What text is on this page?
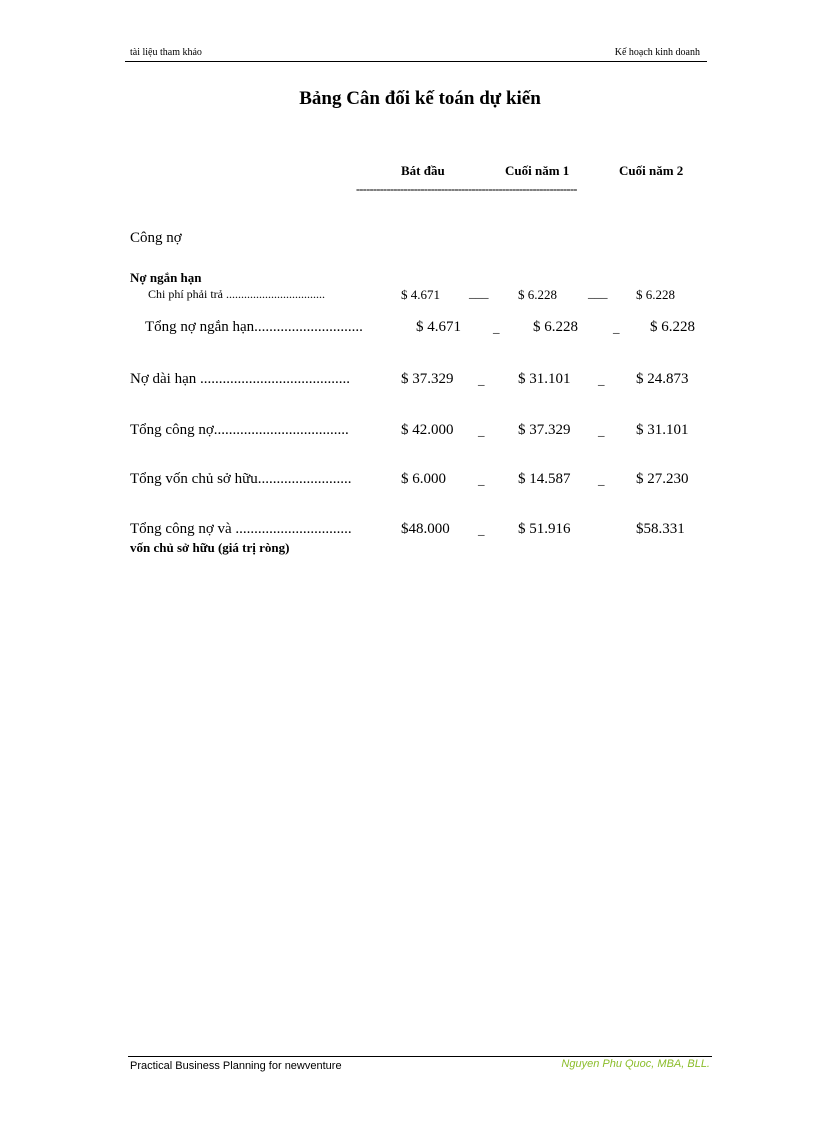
tài liệu tham khảo	Kế hoạch kinh doanh
Bảng Cân đối kế toán dự kiến
Bát đầu	Cuối năm 1	Cuối năm 2
-----------------------------------------------------------------
Công nợ
Nợ ngắn hạn
Chi phí phải trả .................................	$ 4.671 ___ $ 6.228 ___ $ 6.228
Tổng nợ ngắn hạn.............................	$ 4.671 _ $ 6.228	_ $ 6.228
Nợ dài hạn ........................................	$ 37.329 _ $ 31.101 _ $ 24.873
Tổng công nợ....................................	$ 42.000 _ $ 37.329 _ $ 31.101
Tổng vốn chủ sở hữu.........................	$ 6.000 _ $ 14.587 _ $ 27.230
Tổng công nợ và ...............................
vốn chủ sở hữu (giá trị ròng)
$48.000 _ $ 51.916	$58.331
Practical Business Planning for newventure	Nguyen Phu Quoc, MBA, BLL.
